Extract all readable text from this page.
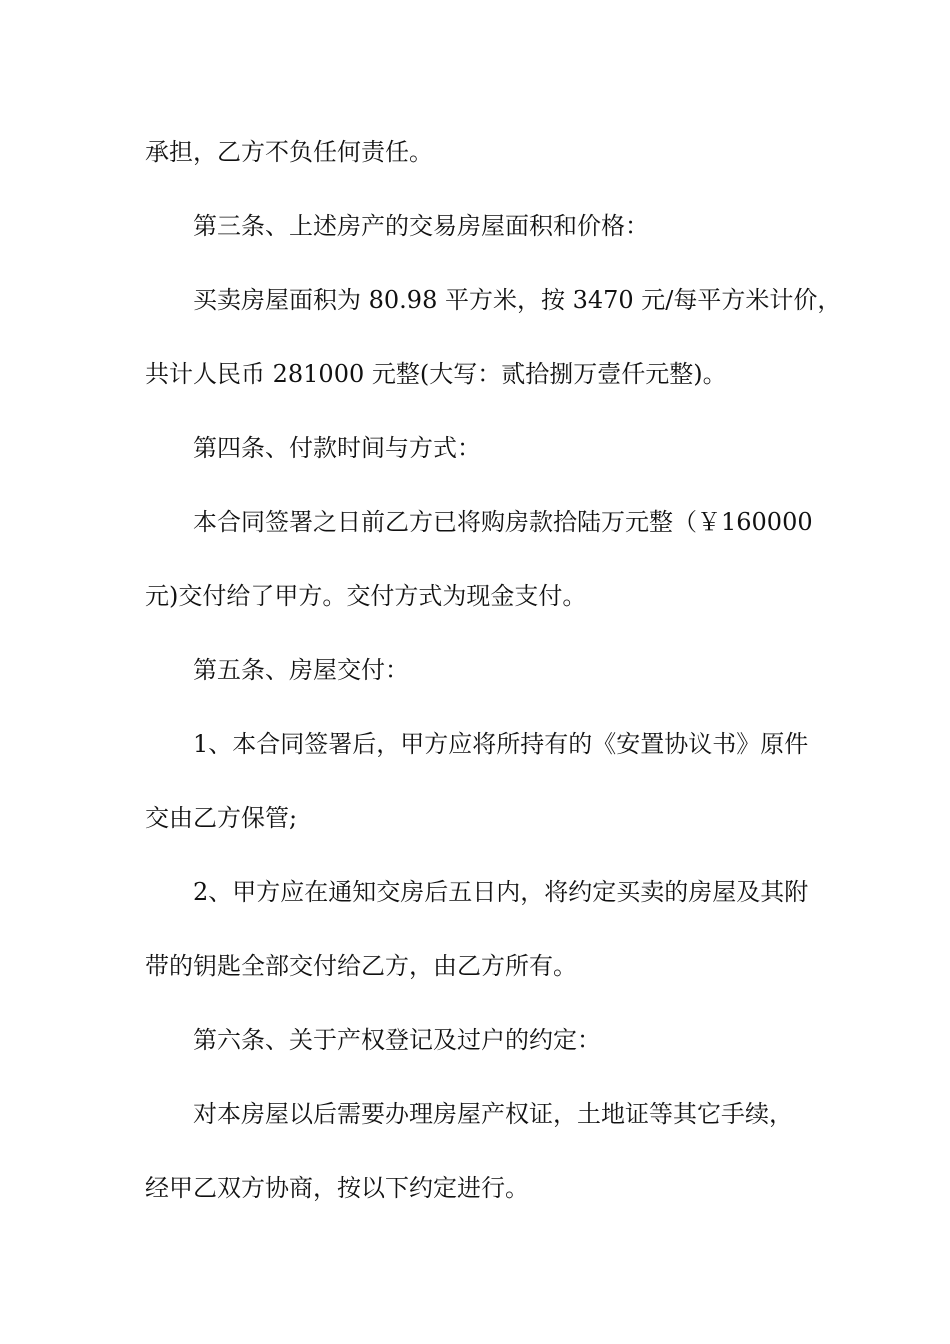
承担，乙方不负任何责任。
第三条、上述房产的交易房屋面积和价格：
买卖房屋面积为 80.98 平方米，按 3470 元/每平方米计价，
共计人民币 281000 元整(大写：贰拾捌万壹仟元整)。
第四条、付款时间与方式：
本合同签署之日前乙方已将购房款拾陆万元整（￥160000
元)交付给了甲方。交付方式为现金支付。
第五条、房屋交付：
1、本合同签署后，甲方应将所持有的《安置协议书》原件
交由乙方保管;
2、甲方应在通知交房后五日内，将约定买卖的房屋及其附
带的钥匙全部交付给乙方，由乙方所有。
第六条、关于产权登记及过户的约定：
对本房屋以后需要办理房屋产权证，土地证等其它手续，
经甲乙双方协商，按以下约定进行。
